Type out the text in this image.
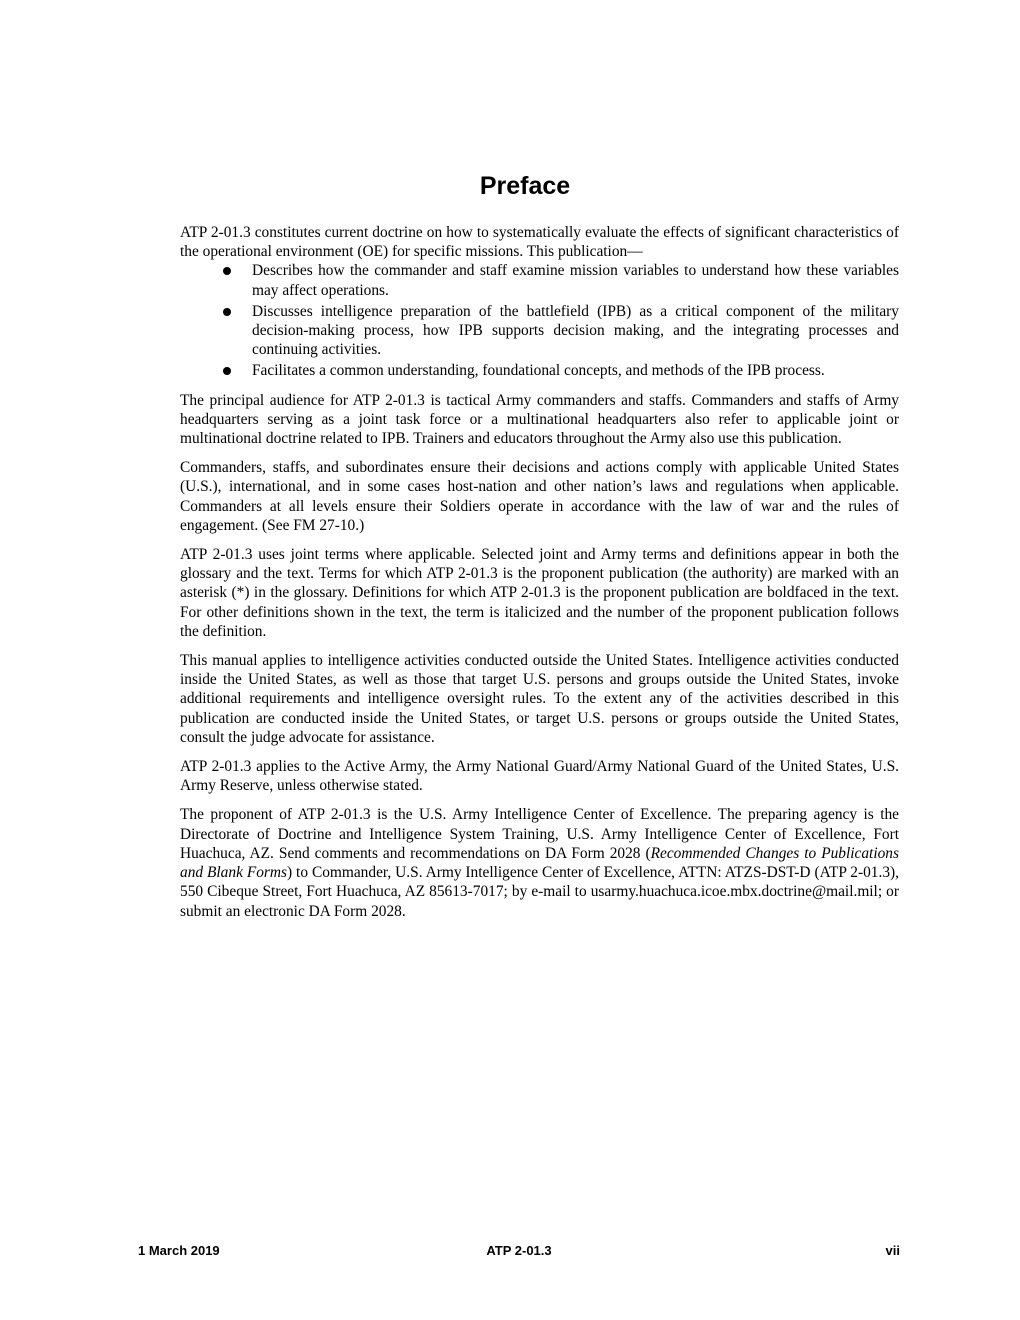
Preface

ATP 2-01.3 constitutes current doctrine on how to systematically evaluate the effects of significant characteristics of the operational environment (OE) for specific missions. This publication—

Describes how the commander and staff examine mission variables to understand how these variables may affect operations.
Discusses intelligence preparation of the battlefield (IPB) as a critical component of the military decision-making process, how IPB supports decision making, and the integrating processes and continuing activities.
Facilitates a common understanding, foundational concepts, and methods of the IPB process.

The principal audience for ATP 2-01.3 is tactical Army commanders and staffs. Commanders and staffs of Army headquarters serving as a joint task force or a multinational headquarters also refer to applicable joint or multinational doctrine related to IPB. Trainers and educators throughout the Army also use this publication.

Commanders, staffs, and subordinates ensure their decisions and actions comply with applicable United States (U.S.), international, and in some cases host-nation and other nation’s laws and regulations when applicable. Commanders at all levels ensure their Soldiers operate in accordance with the law of war and the rules of engagement. (See FM 27-10.)

ATP 2-01.3 uses joint terms where applicable. Selected joint and Army terms and definitions appear in both the glossary and the text. Terms for which ATP 2-01.3 is the proponent publication (the authority) are marked with an asterisk (*) in the glossary. Definitions for which ATP 2-01.3 is the proponent publication are boldfaced in the text. For other definitions shown in the text, the term is italicized and the number of the proponent publication follows the definition.

This manual applies to intelligence activities conducted outside the United States. Intelligence activities conducted inside the United States, as well as those that target U.S. persons and groups outside the United States, invoke additional requirements and intelligence oversight rules. To the extent any of the activities described in this publication are conducted inside the United States, or target U.S. persons or groups outside the United States, consult the judge advocate for assistance.

ATP 2-01.3 applies to the Active Army, the Army National Guard/Army National Guard of the United States, U.S. Army Reserve, unless otherwise stated.

The proponent of ATP 2-01.3 is the U.S. Army Intelligence Center of Excellence. The preparing agency is the Directorate of Doctrine and Intelligence System Training, U.S. Army Intelligence Center of Excellence, Fort Huachuca, AZ. Send comments and recommendations on DA Form 2028 (Recommended Changes to Publications and Blank Forms) to Commander, U.S. Army Intelligence Center of Excellence, ATTN: ATZS-DST-D (ATP 2-01.3), 550 Cibeque Street, Fort Huachuca, AZ 85613-7017; by e-mail to usarmy.huachuca.icoe.mbx.doctrine@mail.mil; or submit an electronic DA Form 2028.

1 March 2019	ATP 2-01.3	vii
